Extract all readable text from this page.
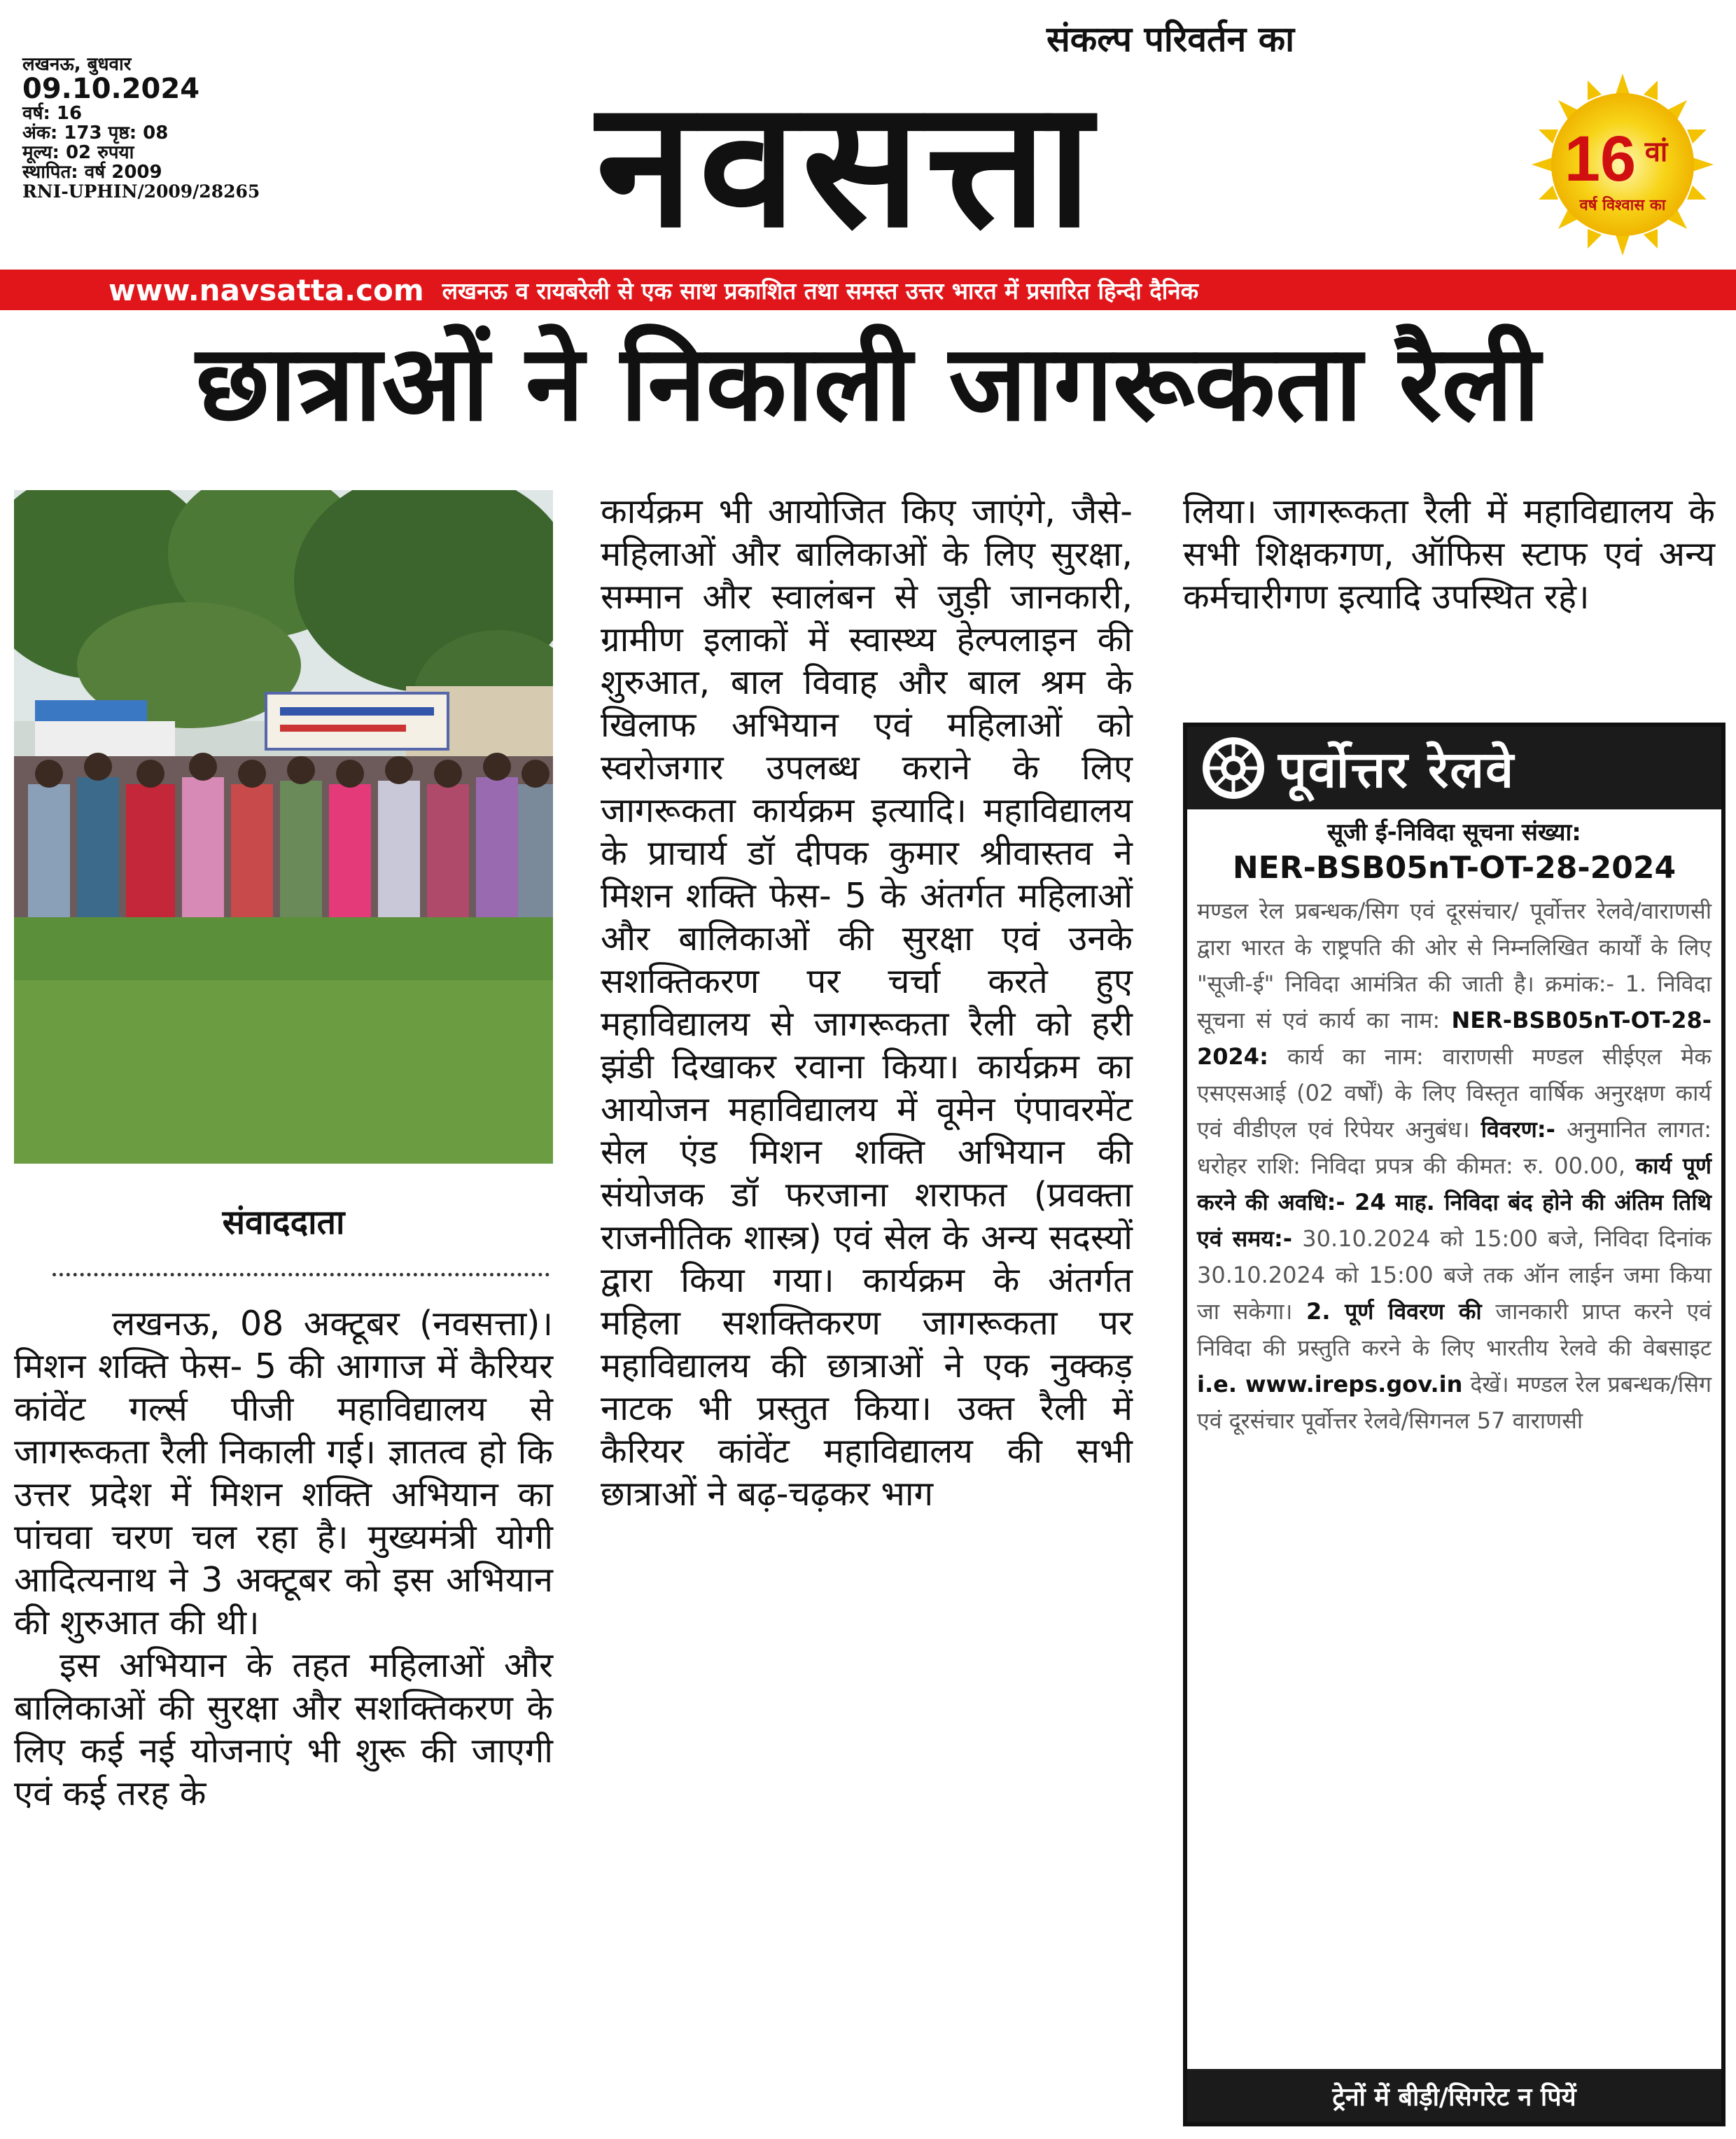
लखनऊ, बुधवार
09.10.2024
वर्ष: 16
अंक: 173 पृष्ठ: 08
मूल्य: 02 रुपया
स्थापित: वर्ष 2009
RNI-UPHIN/2009/28265
संकल्प परिवर्तन का
नवसत्ता	16 वां
वर्ष विश्वास का
www.navsatta.com लखनऊ व रायबरेली से एक साथ प्रकाशित तथा समस्त उत्तर भारत में प्रसारित हिन्दी दैनिक
छात्राओं ने निकाली जागरूकता रैली
संवाददाता

लखनऊ, 08 अक्टूबर (नवसत्ता)। मिशन शक्ति फेस- 5 की आगाज में कैरियर कांवेंट गर्ल्स पीजी महाविद्यालय से जागरूकता रैली निकाली गई। ज्ञातत्व हो कि उत्तर प्रदेश में मिशन शक्ति अभियान का पांचवा चरण चल रहा है। मुख्यमंत्री योगी आदित्यनाथ ने 3 अक्टूबर को इस अभियान की शुरुआत की थी।

इस अभियान के तहत महिलाओं और बालिकाओं की सुरक्षा और सशक्तिकरण के लिए कई नई योजनाएं भी शुरू की जाएगी एवं कई तरह के

कार्यक्रम भी आयोजित किए जाएंगे, जैसे- महिलाओं और बालिकाओं के लिए सुरक्षा, सम्मान और स्वालंबन से जुड़ी जानकारी, ग्रामीण इलाकों में स्वास्थ्य हेल्पलाइन की शुरुआत, बाल विवाह और बाल श्रम के खिलाफ अभियान एवं महिलाओं को स्वरोजगार उपलब्ध कराने के लिए जागरूकता कार्यक्रम इत्यादि। महाविद्यालय के प्राचार्य डॉ दीपक कुमार श्रीवास्तव ने मिशन शक्ति फेस- 5 के अंतर्गत महिलाओं और बालिकाओं की सुरक्षा एवं उनके सशक्तिकरण पर चर्चा करते हुए महाविद्यालय से जागरूकता रैली को हरी झंडी दिखाकर रवाना किया। कार्यक्रम का आयोजन महाविद्यालय में वूमेन एंपावरमेंट सेल एंड मिशन शक्ति अभियान की संयोजक डॉ फरजाना शराफत (प्रवक्ता राजनीतिक शास्त्र) एवं सेल के अन्य सदस्यों द्वारा किया गया। कार्यक्रम के अंतर्गत महिला सशक्तिकरण जागरूकता पर महाविद्यालय की छात्राओं ने एक नुक्कड़ नाटक भी प्रस्तुत किया। उक्त रैली में कैरियर कांवेंट महाविद्यालय की सभी छात्राओं ने बढ़-चढ़कर भाग

लिया। जागरूकता रैली में महाविद्यालय के सभी शिक्षकगण, ऑफिस स्टाफ एवं अन्य कर्मचारीगण इत्यादि उपस्थित रहे।

पूर्वोत्तर रेलवे
सूजी ई-निविदा सूचना संख्या:
NER-BSB05nT-OT-28-2024
मण्डल रेल प्रबन्धक/सिग एवं दूरसंचार/ पूर्वोत्तर रेलवे/वाराणसी द्वारा भारत के राष्ट्रपति की ओर से निम्नलिखित कार्यों के लिए "सूजी-ई" निविदा आमंत्रित की जाती है। क्रमांक:- 1. निविदा सूचना सं एवं कार्य का नाम: NER-BSB05nT-OT-28-2024: कार्य का नाम: वाराणसी मण्डल सीईएल मेक एसएसआई (02 वर्षों) के लिए विस्तृत वार्षिक अनुरक्षण कार्य एवं वीडीएल एवं रिपेयर अनुबंध। विवरण:- अनुमानित लागत: धरोहर राशि: निविदा प्रपत्र की कीमत: रु. 00.00, कार्य पूर्ण करने की अवधि:- 24 माह. निविदा बंद होने की अंतिम तिथि एवं समय:- 30.10.2024 को 15:00 बजे, निविदा दिनांक 30.10.2024 को 15:00 बजे तक ऑन लाईन जमा किया जा सकेगा। 2. पूर्ण विवरण की जानकारी प्राप्त करने एवं निविदा की प्रस्तुति करने के लिए भारतीय रेलवे की वेबसाइट i.e. www.ireps.gov.in देखें। मण्डल रेल प्रबन्धक/सिग एवं दूरसंचार पूर्वोत्तर रेलवे/सिगनल 57 वाराणसी
ट्रेनों में बीड़ी/सिगरेट न पियें
